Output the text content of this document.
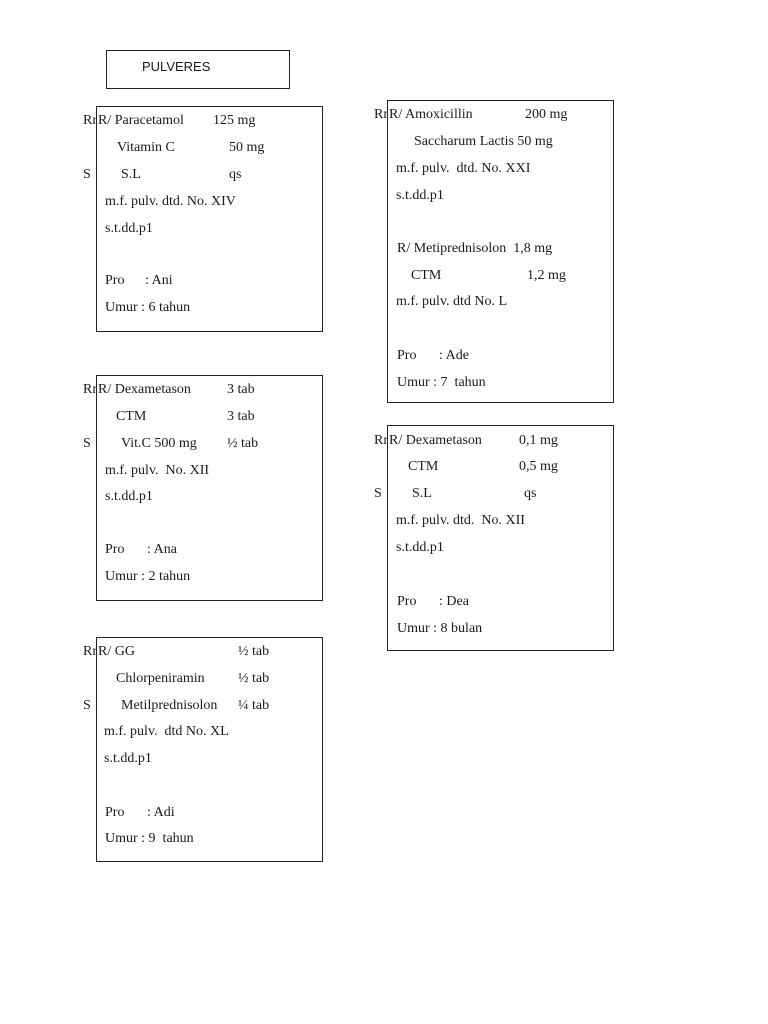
PULVERES
Rr
S
Rr
S
Rr
S
Rr
Rr
S
R/ Paracetamol 125 mg
Vitamin C	50 mg
S.L	qs
m.f. pulv. dtd. No. XIV
s.t.dd.p1
Pro : Ani
Umur : 6 tahun
R/ Dexametason	3 tab
CTM	3 tab
Vit.C 500 mg ½ tab
m.f. pulv.  No. XII
s.t.dd.p1
Pro : Ana
Umur : 2 tahun
R/ GG	½ tab
Chlorpeniramin ½ tab
Metilprednisolon ¼ tab
m.f. pulv.  dtd No. XL
s.t.dd.p1
Pro : Adi
Umur : 9  tahun
R/ Amoxicillin	200 mg
Saccharum Lactis 50 mg
m.f. pulv.  dtd. No. XXI
s.t.dd.p1
R/ Metiprednisolon  1,8 mg
CTM	1,2 mg
m.f. pulv. dtd No. L
Pro : Ade
Umur : 7  tahun
R/ Dexametason	0,1 mg
CTM	0,5 mg
S.L	qs
m.f. pulv. dtd.  No. XII
s.t.dd.p1
Pro : Dea
Umur : 8 bulan
